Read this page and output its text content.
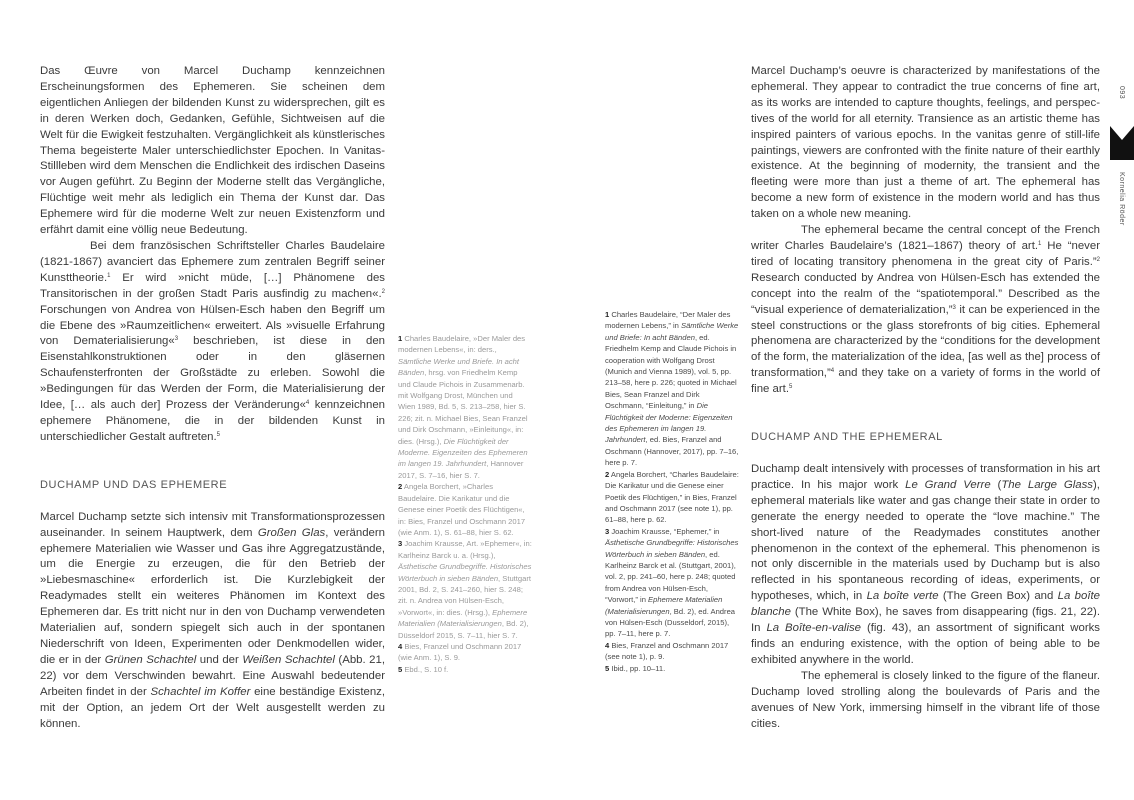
Das Œuvre von Marcel Duchamp kennzeichnen Erscheinungsformen des Ephemeren. Sie scheinen dem eigentlichen Anliegen der bildenden Kunst zu widersprechen, gilt es in deren Werken doch, Gedanken, Gefühle, Sichtweisen auf die Welt für die Ewigkeit festzuhalten. Vergänglichkeit als künstlerisches Thema begeisterte Maler unterschiedlichster Epochen. In Vanitas-Stillleben wird dem Menschen die Endlichkeit des irdischen Daseins vor Augen geführt. Zu Beginn der Moderne stellt das Vergängliche, Flüchtige weit mehr als lediglich ein Thema der Kunst dar. Das Ephemere wird für die moderne Welt zur neuen Existenzform und erfährt damit eine völlig neue Bedeutung.

Bei dem französischen Schriftsteller Charles Baudelaire (1821-1867) avanciert das Ephemere zum zentralen Begriff seiner Kunsttheorie.$^1$ Er wird »nicht müde, […] Phänomene des Transitorischen in der großen Stadt Paris ausfindig zu machen«.$^2$ Forschungen von Andrea von Hülsen-Esch haben den Begriff um die Ebene des »Raumzeitlichen« erweitert. Als »visuelle Erfahrung von Dematerialisierung«$^3$ beschrieben, ist diese in den Eisenstahlkonstruktionen oder in den gläsernen Schaufensterfronten der Großstädte zu erleben. Sowohl die »Bedingungen für das Werden der Form, die Materialisierung der Idee, [… als auch der] Prozess der Veränderung«$^4$ kennzeichnen ephemere Phänomene, die in der bildenden Kunst in unterschiedlicher Gestalt auftreten.$^5$

DUCHAMP UND DAS EPHEMERE

Marcel Duchamp setzte sich intensiv mit Transformationsprozessen auseinander. In seinem Hauptwerk, dem Großen Glas, verändern ephemere Materialien wie Wasser und Gas ihre Aggregatzustände, um die Energie zu erzeugen, die für den Betrieb der »Liebesmaschine« erforderlich ist. Die Kurzlebigkeit der Readymades stellt ein weiteres Phänomen im Kontext des Ephemeren dar. Es tritt nicht nur in den von Duchamp verwendeten Materialien auf, sondern spiegelt sich auch in der spontanen Niederschrift von Ideen, Experimenten oder Denkmodellen wider, die er in der Grünen Schachtel und der Weißen Schachtel (Abb. 21, 22) vor dem Verschwinden bewahrt. Eine Auswahl bedeutender Arbeiten findet in der Schachtel im Koffer eine beständige Existenz, mit der Option, an jedem Ort der Welt ausgestellt werden zu können.

1 Charles Baudelaire, »Der Maler des modernen Lebens«, in: ders., Sämtliche Werke und Briefe. In acht Bänden, hrsg. von Friedhelm Kemp und Claude Pichois in Zusammenarb. mit Wolfgang Drost, München und Wien 1989, Bd. 5, S. 213–258, hier S. 226; zit. n. Michael Bies, Sean Franzel und Dirk Oschmann, »Einleitung«, in: dies. (Hrsg.), Die Flüchtigkeit der Moderne. Eigenzeiten des Ephemeren im langen 19. Jahrhundert, Hannover 2017, S. 7–16, hier S. 7.

2 Angela Borchert, »Charles Baudelaire. Die Karikatur und die Genese einer Poetik des Flüchtigen«, in: Bies, Franzel und Oschmann 2017 (wie Anm. 1), S. 61–88, hier S. 62.

3 Joachim Krausse, Art. »Ephemer«, in: Karlheinz Barck u. a. (Hrsg.), Ästhetische Grundbegriffe. Historisches Wörterbuch in sieben Bänden, Stuttgart 2001, Bd. 2, S. 241–260, hier S. 248; zit. n. Andrea von Hülsen-Esch, »Vorwort«, in: dies. (Hrsg.), Ephemere Materialien (Materialisierungen, Bd. 2), Düsseldorf 2015, S. 7–11, hier S. 7.

4 Bies, Franzel und Oschmann 2017 (wie Anm. 1), S. 9.

5 Ebd., S. 10 f.

1 Charles Baudelaire, “Der Maler des modernen Lebens,” in Sämtliche Werke und Briefe: In acht Bänden, ed. Friedhelm Kemp and Claude Pichois in cooperation with Wolfgang Drost (Munich and Vienna 1989), vol. 5, pp. 213–58, here p. 226; quoted in Michael Bies, Sean Franzel and Dirk Oschmann, “Einleitung,” in Die Flüchtigkeit der Moderne: Eigenzeiten des Ephemeren im langen 19. Jahrhundert, ed. Bies, Franzel and Oschmann (Hannover, 2017), pp. 7–16, here p. 7.

2 Angela Borchert, “Charles Baudelaire: Die Karikatur und die Genese einer Poetik des Flüchtigen,” in Bies, Franzel and Oschmann 2017 (see note 1), pp. 61–88, here p. 62.

3 Joachim Krausse, “Ephemer,” in Ästhetische Grundbegriffe: Historisches Wörterbuch in sieben Bänden, ed. Karlheinz Barck et al. (Stuttgart, 2001), vol. 2, pp. 241–60, here p. 248; quoted from Andrea von Hülsen-Esch, “Vorwort,” in Ephemere Materialien (Materialisierungen, Bd. 2), ed. Andrea von Hülsen-Esch (Dusseldorf, 2015), pp. 7–11, here p. 7.

4 Bies, Franzel and Oschmann 2017 (see note 1), p. 9.

5 Ibid., pp. 10–11.

Marcel Duchamp’s oeuvre is characterized by manifestations of the ephemeral. They appear to contradict the true concerns of fine art, as its works are intended to capture thoughts, feelings, and perspectives of the world for all eternity. Transience as an artistic theme has inspired painters of various epochs. In the vanitas genre of still-life paintings, viewers are confronted with the finite nature of their earthly existence. At the beginning of modernity, the transient and the fleeting were more than just a theme of art. The ephemeral has become a new form of existence in the modern world and has thus taken on a whole new meaning.

The ephemeral became the central concept of the French writer Charles Baudelaire’s (1821–1867) theory of art.$^1$ He “never tired of locating transitory phenomena in the great city of Paris.”$^2$ Research conducted by Andrea von Hülsen-Esch has extended the concept into the realm of the “spatiotemporal.” Described as the “visual experience of dematerialization,”$^3$ it can be experienced in the steel constructions or the glass storefronts of big cities. Ephemeral phenomena are characterized by the “conditions for the development of the form, the materialization of the idea, [as well as the] process of transformation,”$^4$ and they take on a variety of forms in the world of fine art.$^5$

DUCHAMP AND THE EPHEMERAL

Duchamp dealt intensively with processes of transformation in his art practice. In his major work Le Grand Verre (The Large Glass), ephemeral materials like water and gas change their state in order to generate the energy needed to operate the “love machine.” The short-lived nature of the Readymades constitutes another phenomenon in the context of the ephemeral. This phenomenon is not only discernible in the materials used by Duchamp but is also reflected in his spontaneous recording of ideas, experiments, or hypotheses, which, in La boîte verte (The Green Box) and La boîte blanche (The White Box), he saves from disappearing (figs. 21, 22). In La Boîte-en-valise (fig. 43), an assortment of significant works finds an enduring existence, with the option of being able to be exhibited anywhere in the world.

The ephemeral is closely linked to the figure of the flaneur. Duchamp loved strolling along the boulevards of Paris and the avenues of New York, immersing himself in the vibrant life of those cities.

093
Kornelia Röder
